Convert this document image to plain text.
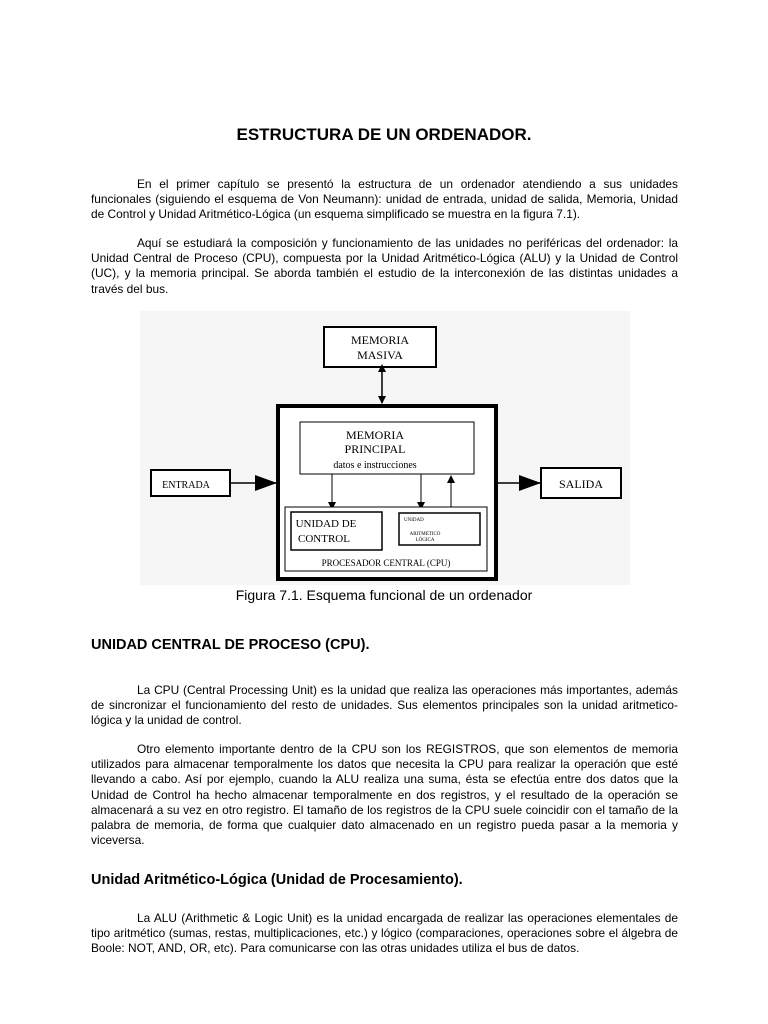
ESTRUCTURA DE UN ORDENADOR.

En el primer capítulo se presentó la estructura de un ordenador atendiendo a sus unidades funcionales (siguiendo el esquema de Von Neumann): unidad de entrada, unidad de salida, Memoria, Unidad de Control y Unidad Aritmético-Lógica (un esquema simplificado se muestra en la figura 7.1).

Aquí se estudiará la composición y funcionamiento de las unidades no periféricas del ordenador: la Unidad Central de Proceso (CPU), compuesta por la Unidad Aritmético-Lógica (ALU) y la Unidad de Control (UC), y la memoria principal. Se aborda también el estudio de la interconexión de las distintas unidades a través del bus.

MEMORIA
MASIVA
MEMORIA
PRINCIPAL
datos e instrucciones
PROCESADOR CENTRAL (CPU)
UNIDAD DE
CONTROL
UNIDAD
ARITMETICO
LÓGICA
ENTRADA	SALIDA
Figura 7.1. Esquema funcional de un ordenador
UNIDAD CENTRAL DE PROCESO (CPU).

La CPU (Central Processing Unit) es la unidad que realiza las operaciones más importantes, además de sincronizar el funcionamiento del resto de unidades. Sus elementos principales son la unidad aritmetico-lógica y la unidad de control.

Otro elemento importante dentro de la CPU son los REGISTROS, que son elementos de memoria utilizados para almacenar temporalmente los datos que necesita la CPU para realizar la operación que esté llevando a cabo. Así por ejemplo, cuando la ALU realiza una suma, ésta se efectúa entre dos datos que la Unidad de Control ha hecho almacenar temporalmente en dos registros, y el resultado de la operación se almacenará a su vez en otro registro. El tamaño de los registros de la CPU suele coincidir con el tamaño de la palabra de memoria, de forma que cualquier dato almacenado en un registro pueda pasar a la memoria y viceversa.

Unidad Aritmético-Lógica (Unidad de Procesamiento).

La ALU (Arithmetic & Logic Unit) es la unidad encargada de realizar las operaciones elementales de tipo aritmético (sumas, restas, multiplicaciones, etc.) y lógico (comparaciones, operaciones sobre el álgebra de Boole: NOT, AND, OR, etc). Para comunicarse con las otras unidades utiliza el bus de datos.
